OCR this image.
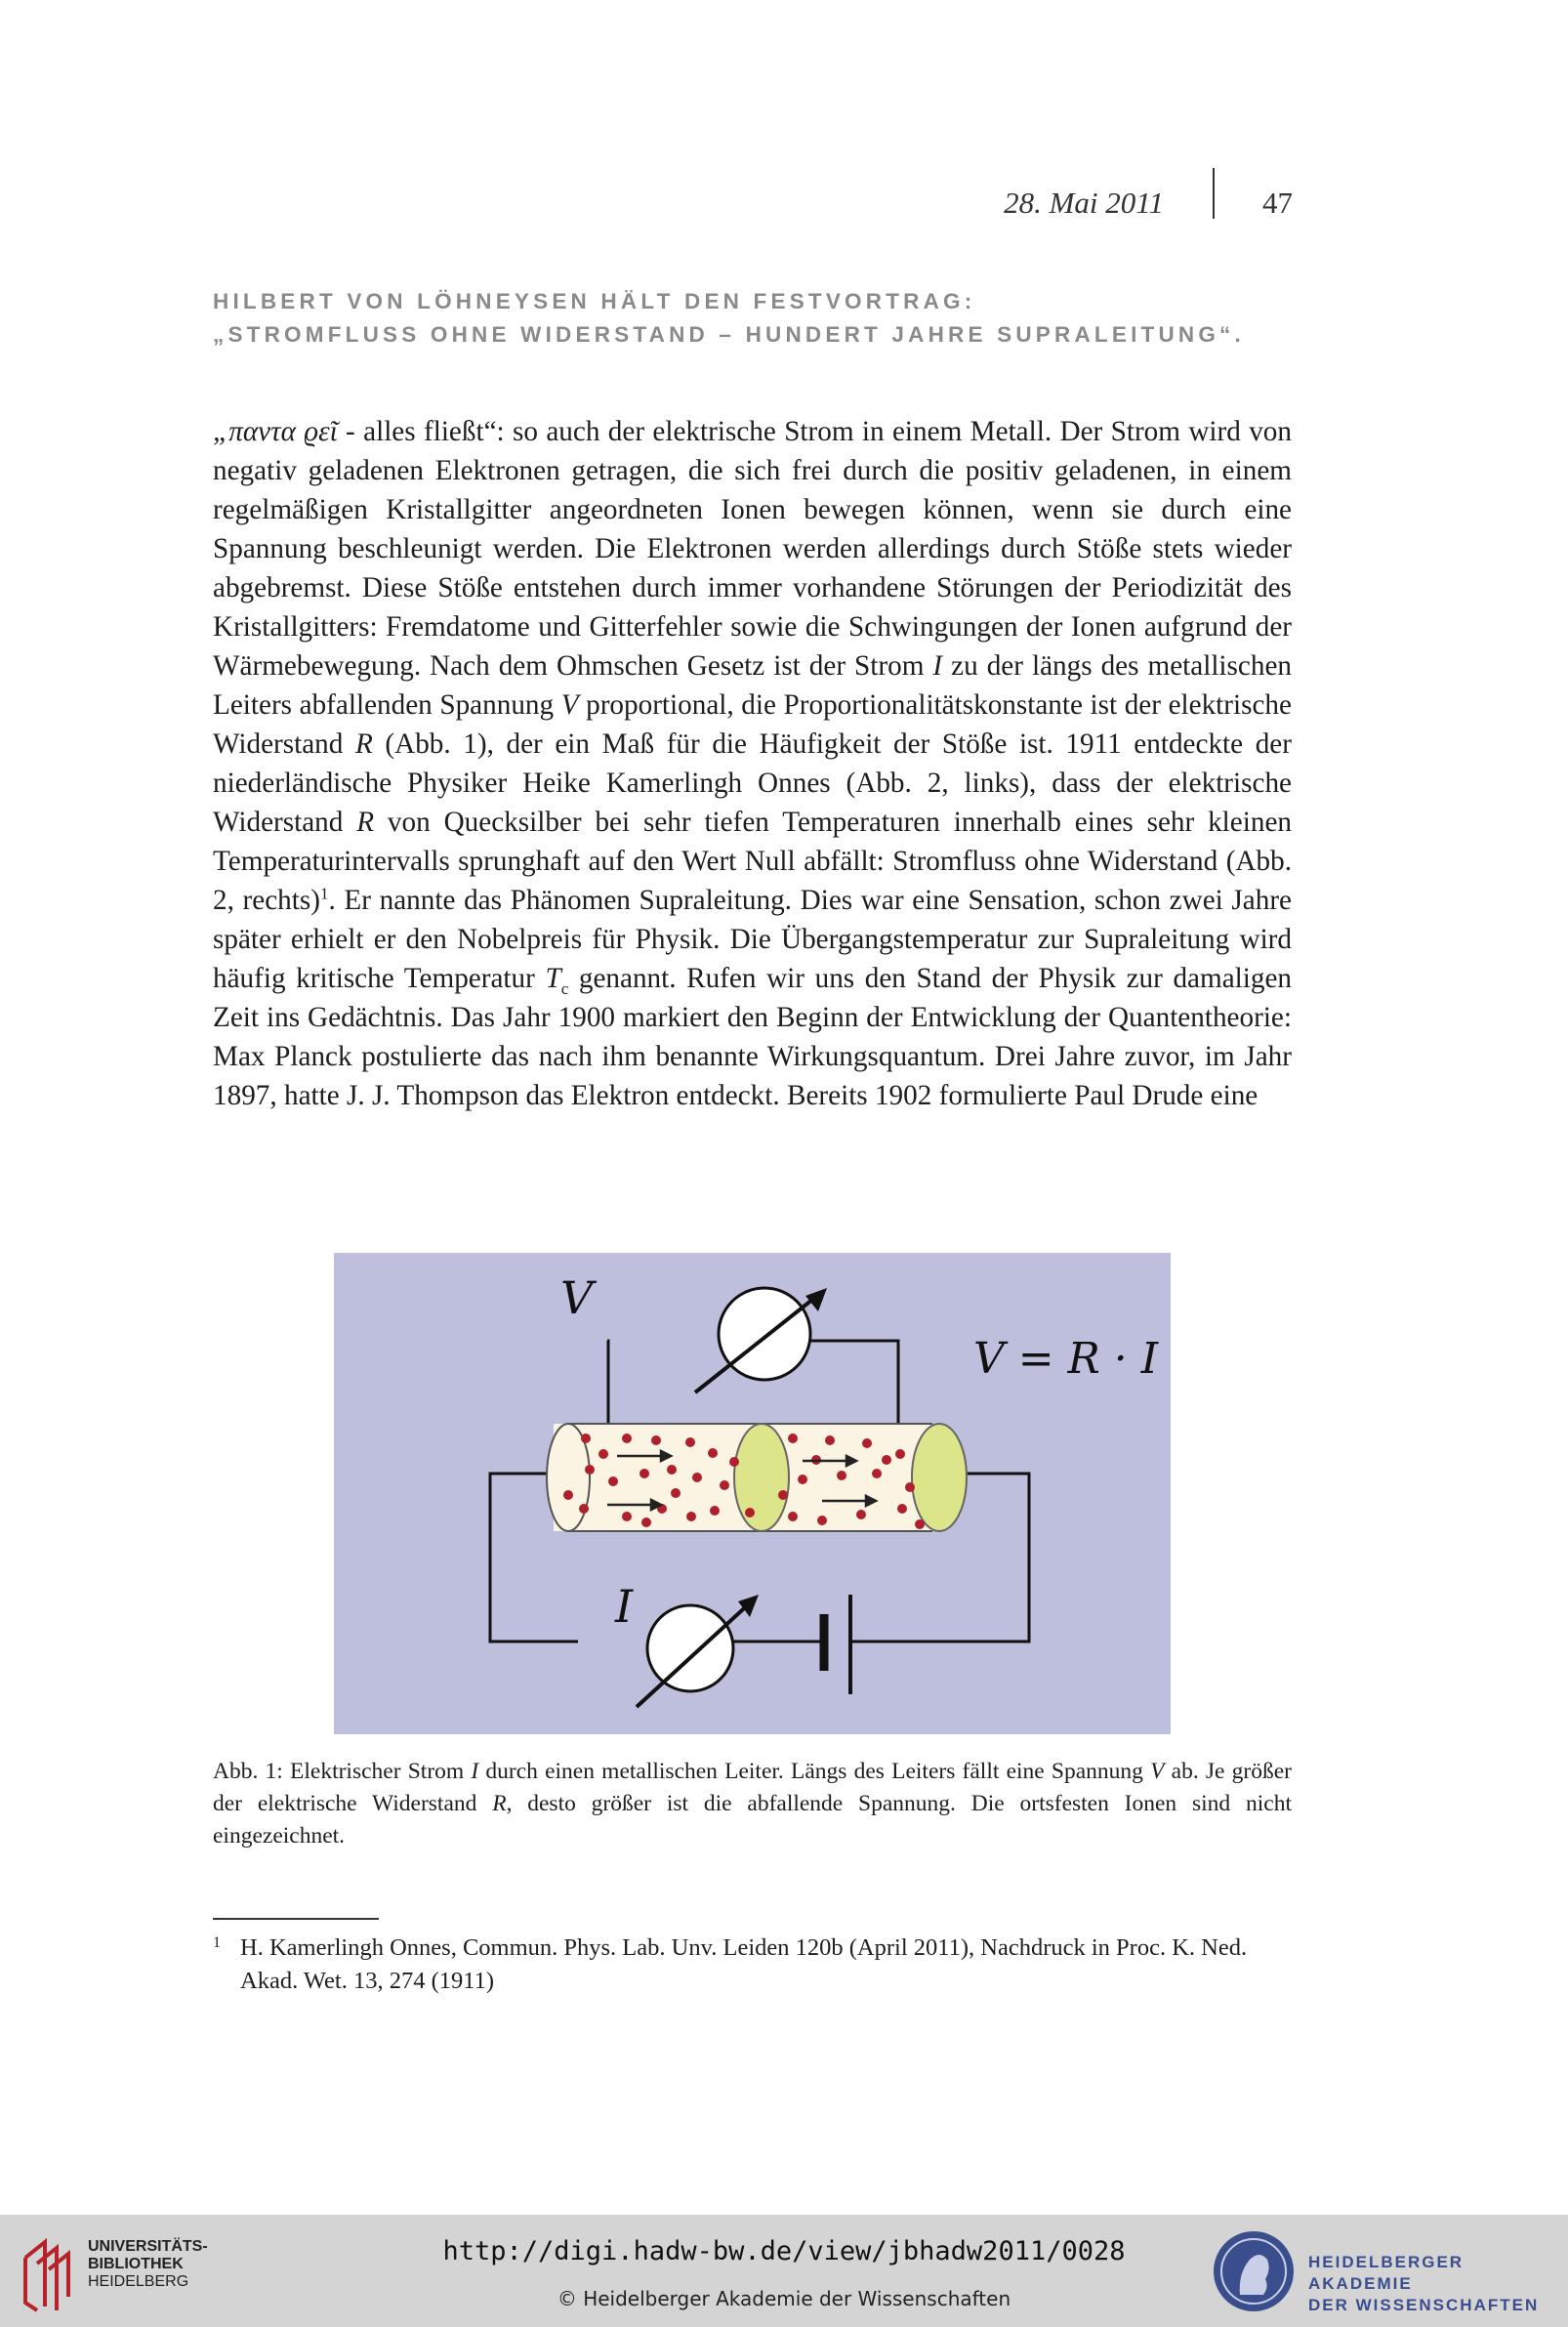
28. Mai 2011	47
HILBERT VON LÖHNEYSEN HÄLT DEN FESTVORTRAG:
„STROMFLUSS OHNE WIDERSTAND – HUNDERT JAHRE SUPRALEITUNG“.
„παντα ϱεῖ - alles fließt“: so auch der elektrische Strom in einem Metall. Der Strom wird von negativ geladenen Elektronen getragen, die sich frei durch die positiv geladenen, in einem regelmäßigen Kristallgitter angeordneten Ionen bewegen können, wenn sie durch eine Spannung beschleunigt werden. Die Elektronen werden allerdings durch Stöße stets wieder abgebremst. Diese Stöße entstehen durch immer vorhandene Störungen der Periodizität des Kristallgitters: Fremdatome und Gitterfehler sowie die Schwingungen der Ionen aufgrund der Wärmebewegung. Nach dem Ohmschen Gesetz ist der Strom I zu der längs des metallischen Leiters abfallenden Spannung V proportional, die Proportionalitätskonstante ist der elektrische Widerstand R (Abb. 1), der ein Maß für die Häufigkeit der Stöße ist. 1911 entdeckte der niederländische Physiker Heike Kamerlingh Onnes (Abb. 2, links), dass der elektrische Widerstand R von Quecksilber bei sehr tiefen Temperaturen innerhalb eines sehr kleinen Temperaturintervalls sprunghaft auf den Wert Null abfällt: Stromfluss ohne Widerstand (Abb. 2, rechts)$^1$. Er nannte das Phänomen Supraleitung. Dies war eine Sensation, schon zwei Jahre später erhielt er den Nobelpreis für Physik. Die Übergangstemperatur zur Supraleitung wird häufig kritische Temperatur $T_c$ genannt. Rufen wir uns den Stand der Physik zur damaligen Zeit ins Gedächtnis. Das Jahr 1900 markiert den Beginn der Entwicklung der Quantentheorie: Max Planck postulierte das nach ihm benannte Wirkungsquantum. Drei Jahre zuvor, im Jahr 1897, hatte J. J. Thompson das Elektron entdeckt. Bereits 1902 formulierte Paul Drude eine
V
I
V = R · I
Abb. 1: Elektrischer Strom I durch einen metallischen Leiter. Längs des Leiters fällt eine Spannung V ab. Je größer der elektrische Widerstand R, desto größer ist die abfallende Spannung. Die ortsfesten Ionen sind nicht eingezeichnet.
1 H. Kamerlingh Onnes, Commun. Phys. Lab. Unv. Leiden 120b (April 2011), Nachdruck in Proc. K. Ned. Akad. Wet. 13, 274 (1911)
UNIVERSITÄTS-
BIBLIOTHEK
HEIDELBERG
http://digi.hadw-bw.de/view/jbhadw2011/0028
© Heidelberger Akademie der Wissenschaften
HEIDELBERGER AKADEMIE
DER WISSENSCHAFTEN
